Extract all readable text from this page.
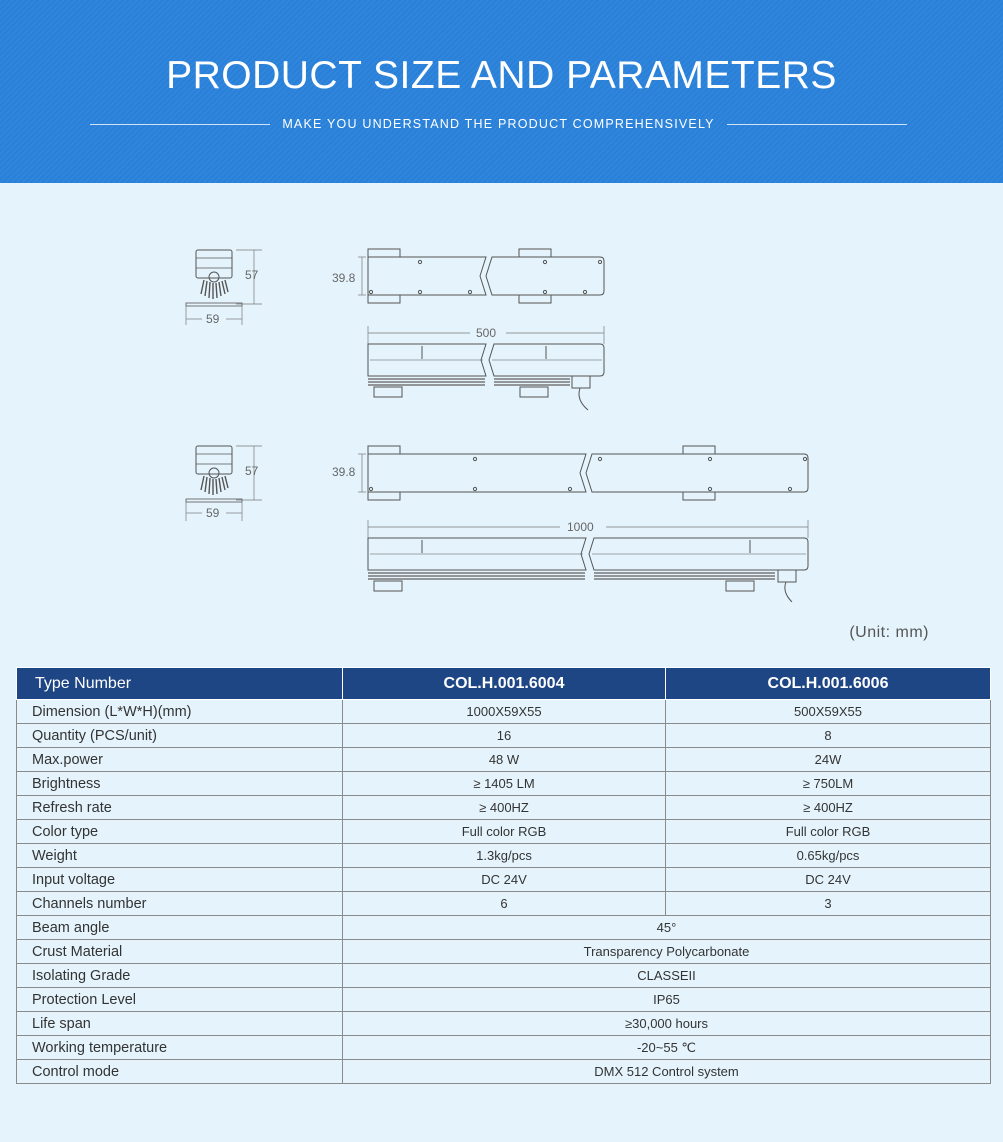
PRODUCT SIZE AND PARAMETERS
MAKE YOU UNDERSTAND THE PRODUCT COMPREHENSIVELY
57
59
39.8
500
57
59
39.8
1000
(Unit: mm)
Type Number	COL.H.001.6004	COL.H.001.6006
Dimension (L*W*H)(mm)	1000X59X55	500X59X55
Quantity (PCS/unit)	16	8
Max.power	48 W	24W
Brightness	≥ 1405 LM	≥ 750LM
Refresh rate	≥ 400HZ	≥ 400HZ
Color type	Full color RGB	Full color RGB
Weight	1.3kg/pcs	0.65kg/pcs
Input voltage	DC 24V	DC 24V
Channels number	6	3
Beam angle	45°	
Crust Material	Transparency Polycarbonate	
Isolating Grade	CLASSEII	
Protection Level	IP65	
Life span	≥30,000 hours	
Working temperature	-20~55 ℃	
Control mode	DMX 512 Control system	
